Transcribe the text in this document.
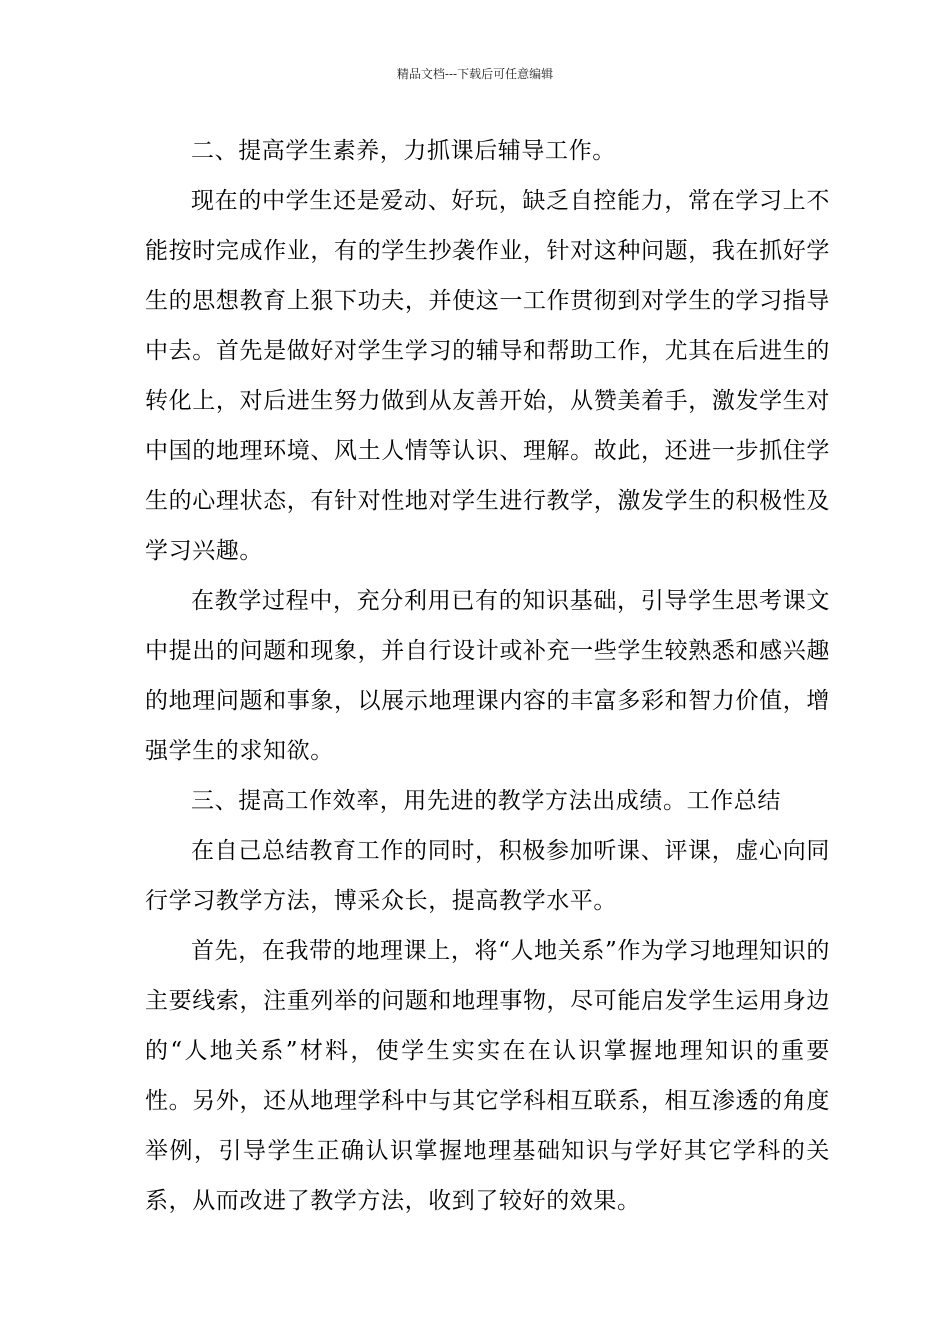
精品文档---下载后可任意编辑

二、提高学生素养，力抓课后辅导工作。

现在的中学生还是爱动、好玩，缺乏自控能力，常在学习上不能按时完成作业，有的学生抄袭作业，针对这种问题，我在抓好学生的思想教育上狠下功夫，并使这一工作贯彻到对学生的学习指导中去。首先是做好对学生学习的辅导和帮助工作，尤其在后进生的转化上，对后进生努力做到从友善开始，从赞美着手，激发学生对中国的地理环境、风土人情等认识、理解。故此，还进一步抓住学生的心理状态，有针对性地对学生进行教学，激发学生的积极性及学习兴趣。

在教学过程中，充分利用已有的知识基础，引导学生思考课文中提出的问题和现象，并自行设计或补充一些学生较熟悉和感兴趣的地理问题和事象，以展示地理课内容的丰富多彩和智力价值，增强学生的求知欲。

三、提高工作效率，用先进的教学方法出成绩。工作总结

在自己总结教育工作的同时，积极参加听课、评课，虚心向同行学习教学方法，博采众长，提高教学水平。

首先，在我带的地理课上，将“人地关系”作为学习地理知识的主要线索，注重列举的问题和地理事物，尽可能启发学生运用身边的“人地关系”材料，使学生实实在在认识掌握地理知识的重要性。另外，还从地理学科中与其它学科相互联系，相互渗透的角度举例，引导学生正确认识掌握地理基础知识与学好其它学科的关系，从而改进了教学方法，收到了较好的效果。
